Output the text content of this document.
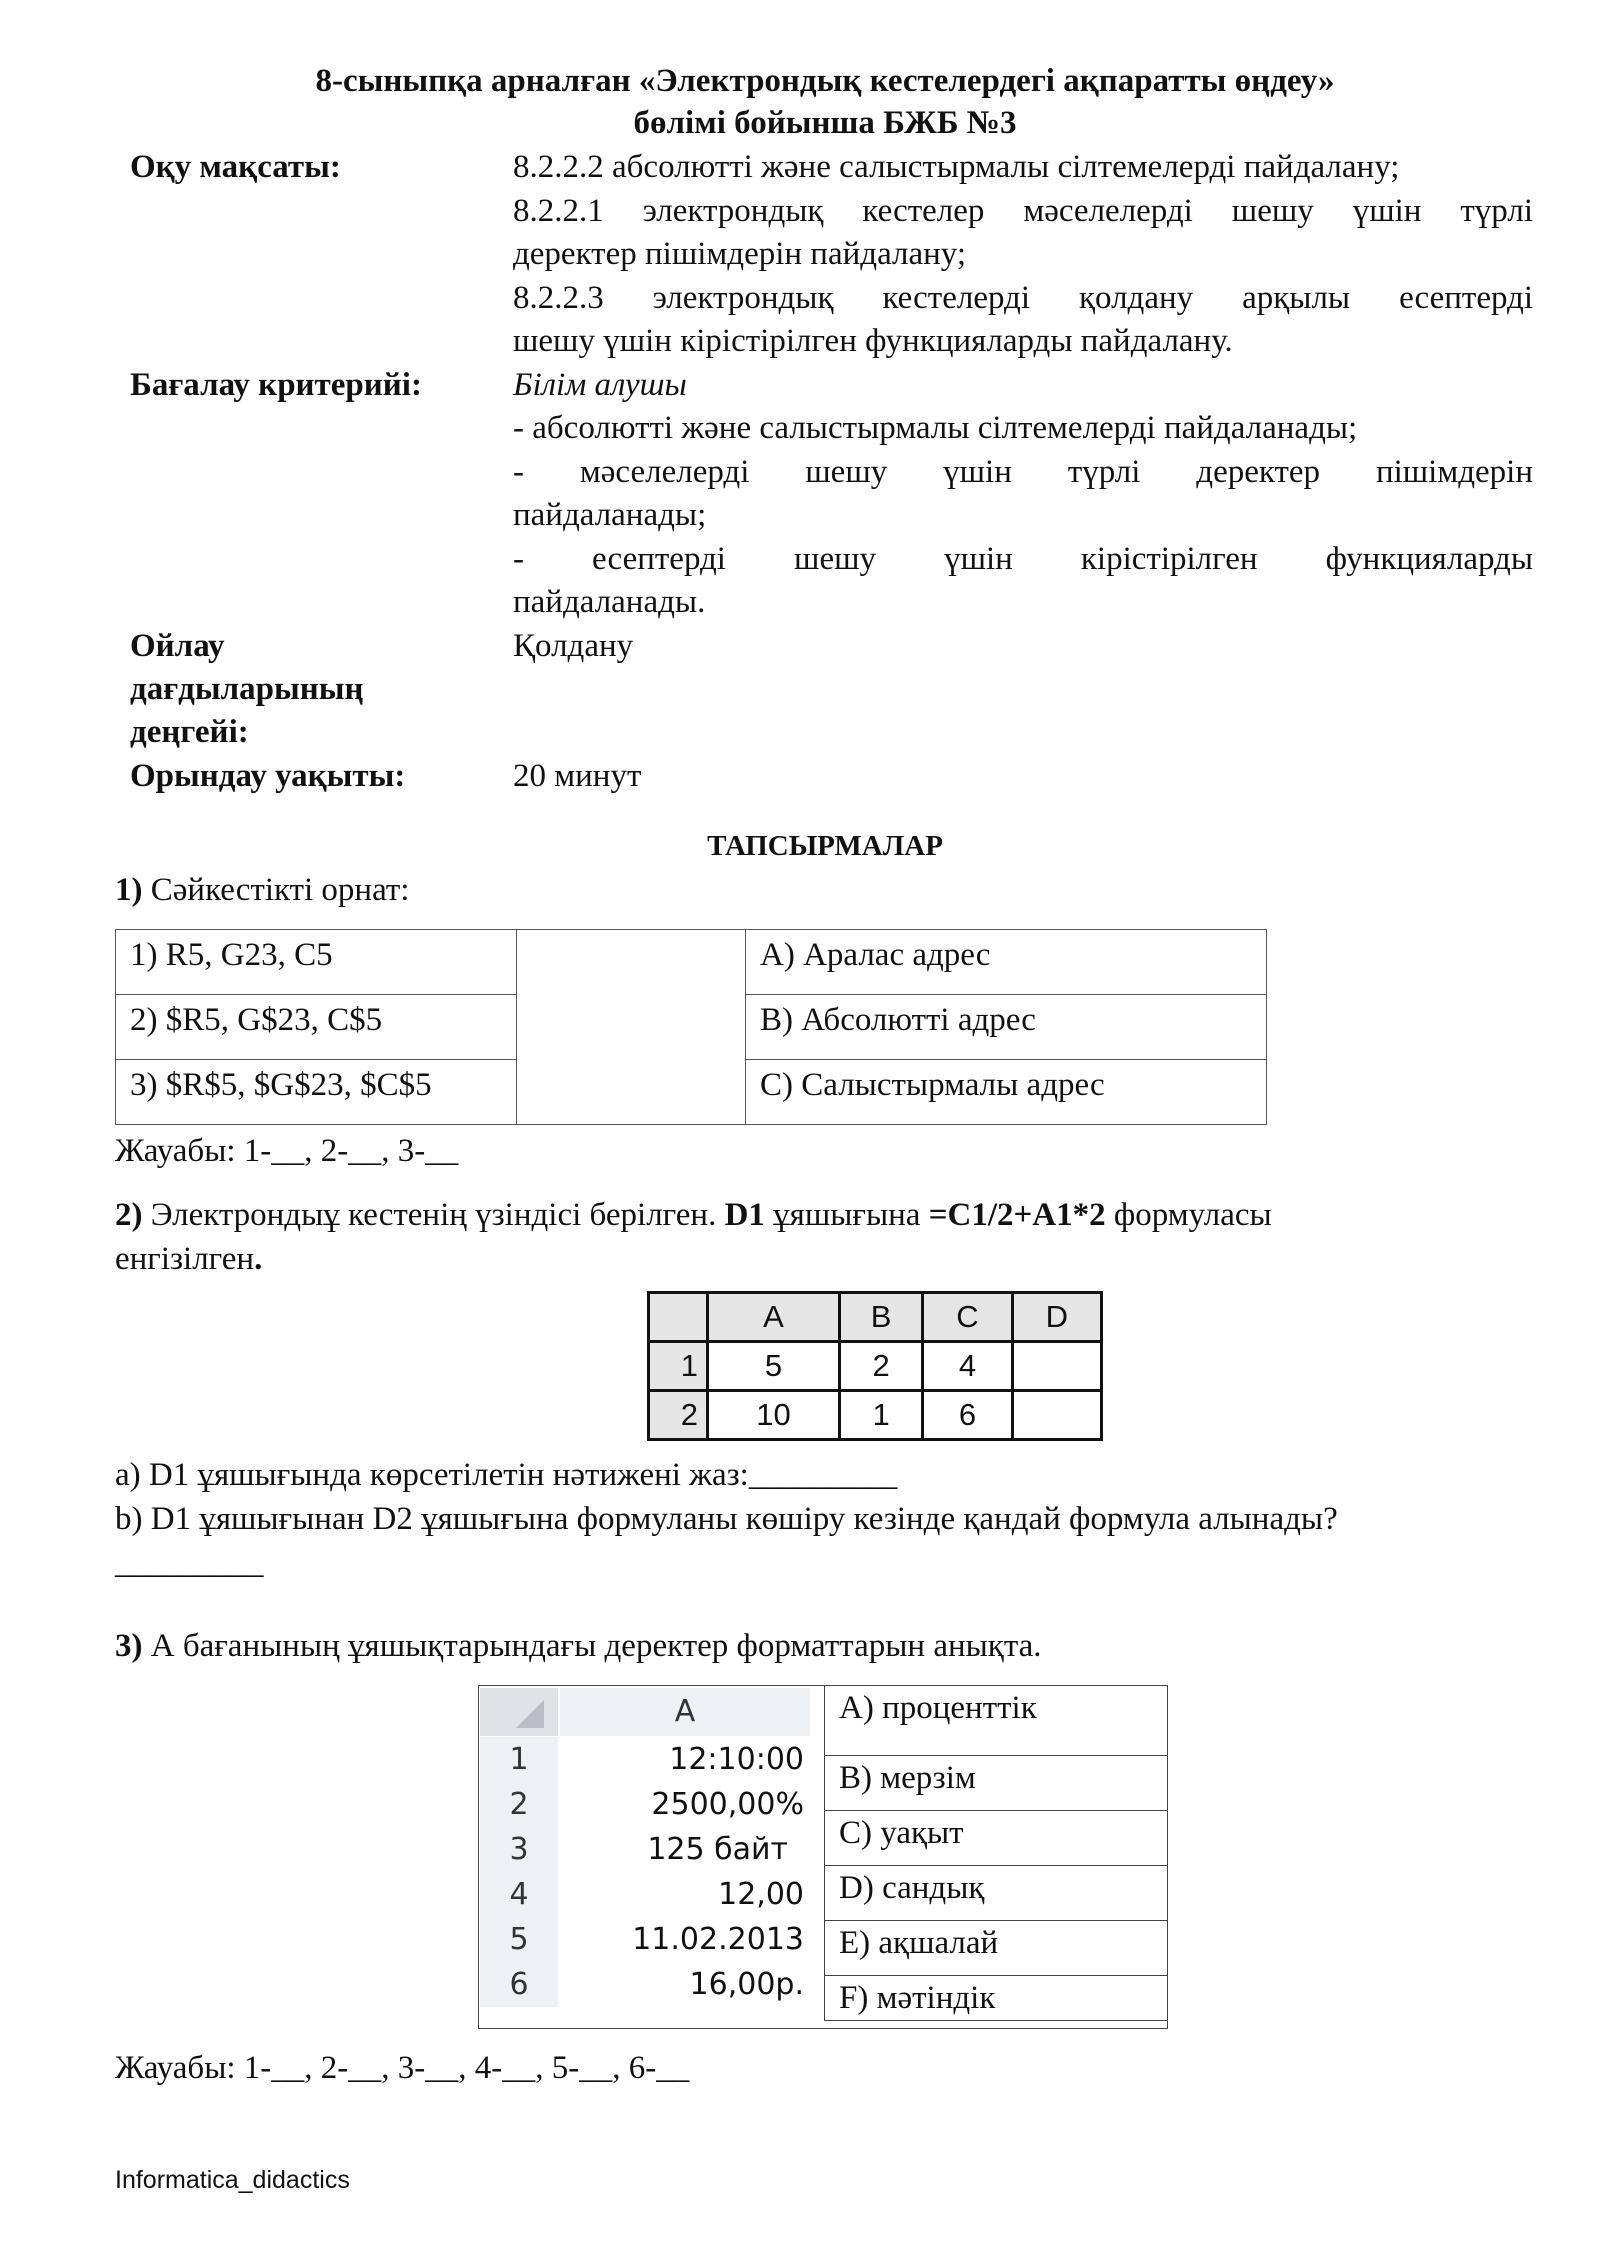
8-сыныпқа арналған «Электрондық кестелердегі ақпаратты өңдеу»
бөлімі бойынша БЖБ №3
Оқу мақсаты:	8.2.2.2 абсолютті және салыстырмалы сілтемелерді пайдалану;
8.2.2.1 электрондық кестелер мәселелерді шешу үшін түрлі
деректер пішімдерін пайдалану;
8.2.2.3 электрондық кестелерді қолдану арқылы есептерді
шешу үшін кірістірілген функцияларды пайдалану.
Бағалау критерийі:	Білім алушы
- абсолютті және салыстырмалы сілтемелерді пайдаланады;
- мәселелерді шешу үшін түрлі деректер пішімдерін
пайдаланады;
- есептерді шешу үшін кірістірілген функцияларды
пайдаланады.
Ойлау
дағдыларының
деңгейі:
Қолдану
Орындау уақыты:	20 минут
ТАПСЫРМАЛАР
1) Сәйкестікті орнат:
1) R5, G23, C5		A) Аралас адрес
2) $R5, G$23, C$5		B) Абсолютті адрес
3) $R$5, $G$23, $C$5		C) Салыстырмалы адрес
Жауабы: 1-__, 2-__, 3-__
2) Электрондыұ кестенің үзіндісі берілген. D1 ұяшығына =C1/2+A1*2 формуласы
енгізілген.
	A	B	C	D
1	5	2	4	
2	10	1	6	
a) D1 ұяшығында көрсетілетін нәтижені жаз:_________
b) D1 ұяшығынан D2 ұяшығына формуланы көшіру кезінде қандай формула алынады?
_________
3) А бағанының ұяшықтарындағы деректер форматтарын анықта.
A
1	12:10:00
2	2500,00%
3	125 байт
4	12,00
5	11.02.2013
6	16,00р.
A) проценттік
B) мерзім
C) уақыт
D) сандық
E) ақшалай
F) мәтіндік
Жауабы: 1-__, 2-__, 3-__, 4-__, 5-__, 6-__
Informatica_didactics
